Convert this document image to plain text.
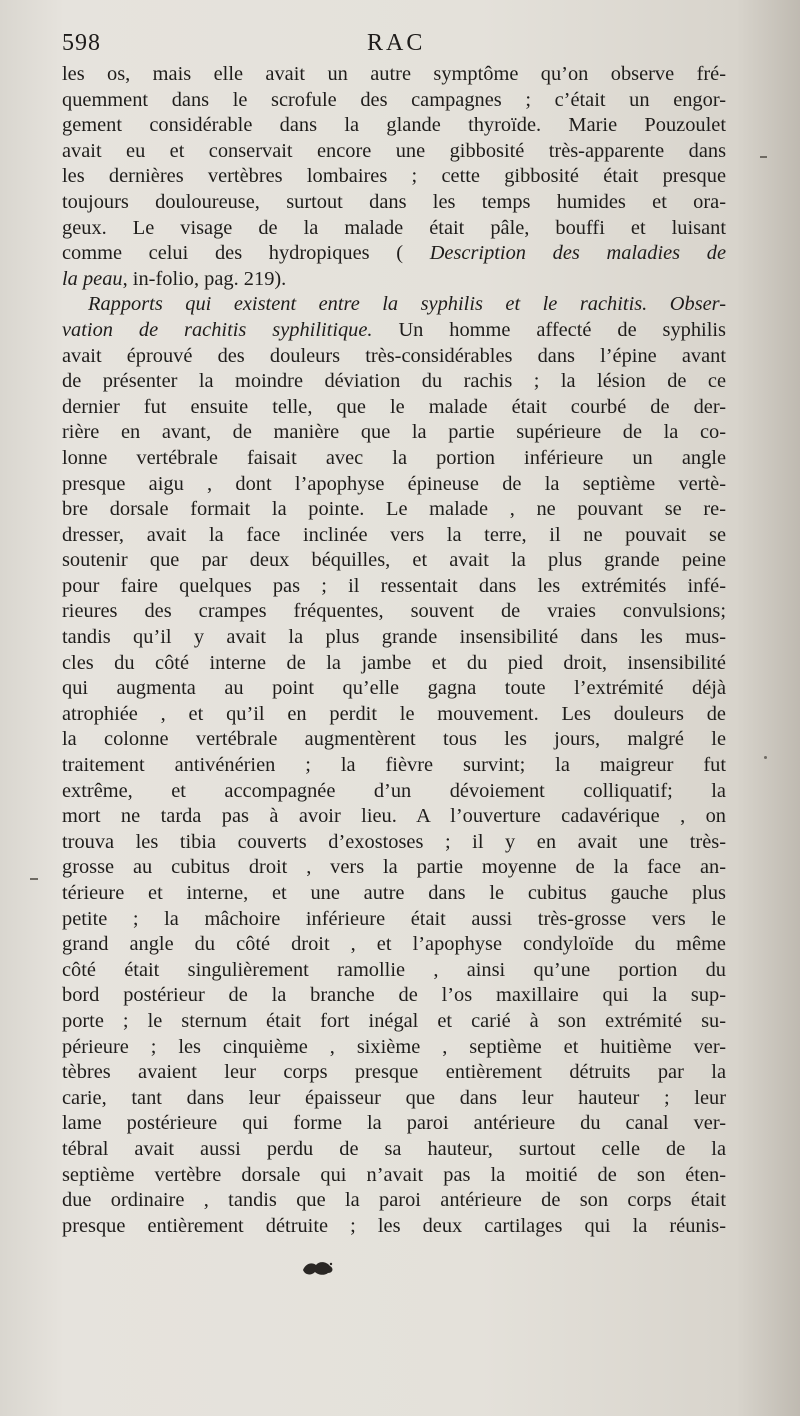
598	RAC
les os, mais elle avait un autre symptôme qu’on observe fré-
quemment dans le scrofule des campagnes ; c’était un engor-
gement considérable dans la glande thyroïde. Marie Pouzoulet
avait eu et conservait encore une gibbosité très-apparente dans
les dernières vertèbres lombaires ; cette gibbosité était presque
toujours douloureuse, surtout dans les temps humides et ora-
geux. Le visage de la malade était pâle, bouffi et luisant
comme celui des hydropiques ( Description des maladies de
la peau, in-folio, pag. 219).
Rapports qui existent entre la syphilis et le rachitis. Obser-
vation de rachitis syphilitique. Un homme affecté de syphilis
avait éprouvé des douleurs très-considérables dans l’épine avant
de présenter la moindre déviation du rachis ; la lésion de ce
dernier fut ensuite telle, que le malade était courbé de der-
rière en avant, de manière que la partie supérieure de la co-
lonne vertébrale faisait avec la portion inférieure un angle
presque aigu , dont l’apophyse épineuse de la septième vertè-
bre dorsale formait la pointe. Le malade , ne pouvant se re-
dresser, avait la face inclinée vers la terre, il ne pouvait se
soutenir que par deux béquilles, et avait la plus grande peine
pour faire quelques pas ; il ressentait dans les extrémités infé-
rieures des crampes fréquentes, souvent de vraies convulsions;
tandis qu’il y avait la plus grande insensibilité dans les mus-
cles du côté interne de la jambe et du pied droit, insensibilité
qui augmenta au point qu’elle gagna toute l’extrémité déjà
atrophiée , et qu’il en perdit le mouvement. Les douleurs de
la colonne vertébrale augmentèrent tous les jours, malgré le
traitement antivénérien ; la fièvre survint; la maigreur fut
extrême, et accompagnée d’un dévoiement colliquatif; la
mort ne tarda pas à avoir lieu. A l’ouverture cadavérique , on
trouva les tibia couverts d’exostoses ; il y en avait une très-
grosse au cubitus droit , vers la partie moyenne de la face an-
térieure et interne, et une autre dans le cubitus gauche plus
petite ; la mâchoire inférieure était aussi très-grosse vers le
grand angle du côté droit , et l’apophyse condyloïde du même
côté était singulièrement ramollie , ainsi qu’une portion du
bord postérieur de la branche de l’os maxillaire qui la sup-
porte ; le sternum était fort inégal et carié à son extrémité su-
périeure ; les cinquième , sixième , septième et huitième ver-
tèbres avaient leur corps presque entièrement détruits par la
carie, tant dans leur épaisseur que dans leur hauteur ; leur
lame postérieure qui forme la paroi antérieure du canal ver-
tébral avait aussi perdu de sa hauteur, surtout celle de la
septième vertèbre dorsale qui n’avait pas la moitié de son éten-
due ordinaire , tandis que la paroi antérieure de son corps était
presque entièrement détruite ; les deux cartilages qui la réunis-
